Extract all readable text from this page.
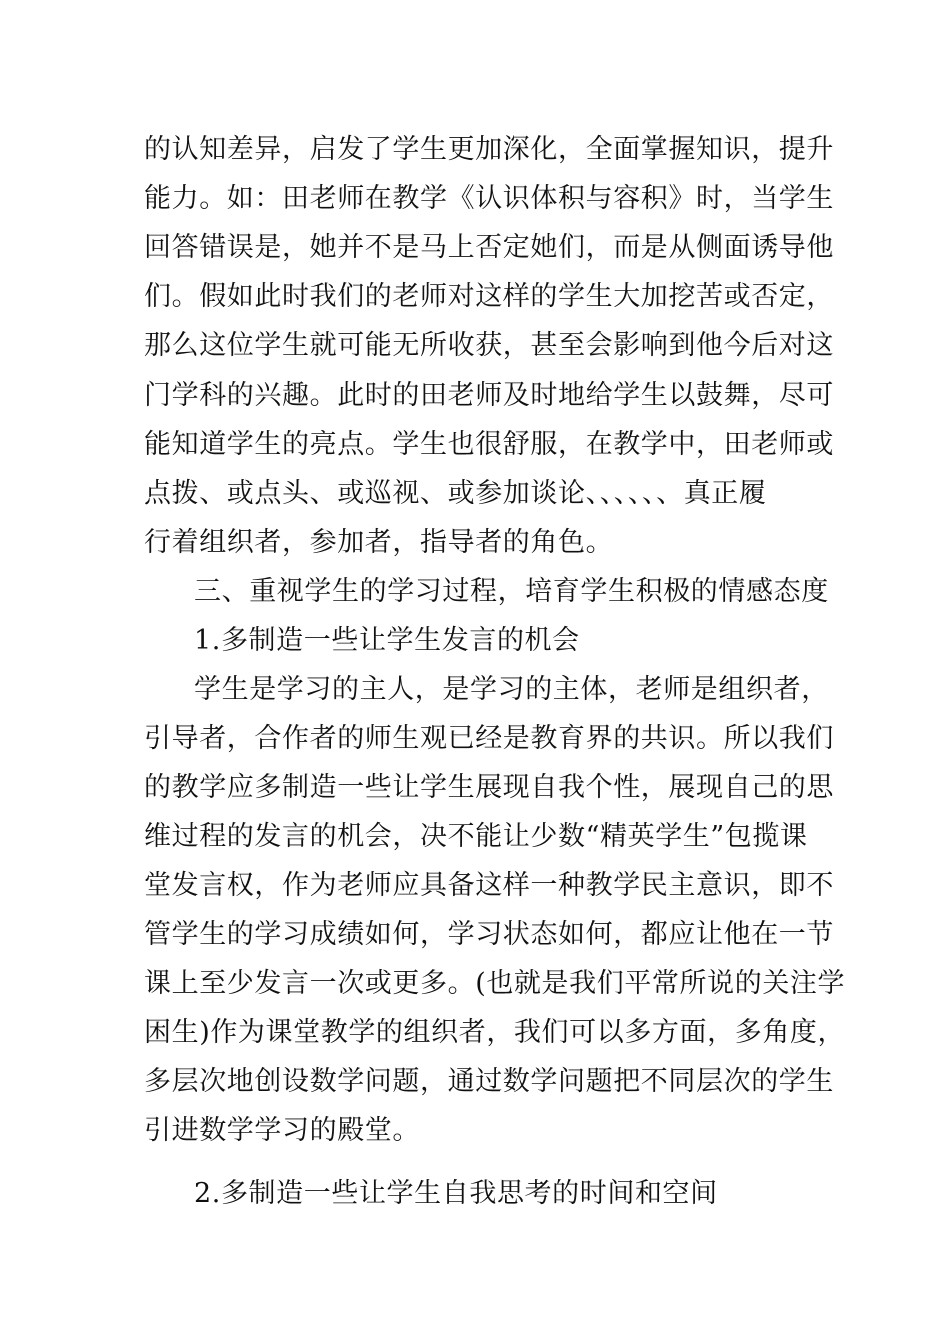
的认知差异，启发了学生更加深化，全面掌握知识，提升
能力。如：田老师在教学《认识体积与容积》时，当学生
回答错误是，她并不是马上否定她们，而是从侧面诱导他
们。假如此时我们的老师对这样的学生大加挖苦或否定，
那么这位学生就可能无所收获，甚至会影响到他今后对这
门学科的兴趣。此时的田老师及时地给学生以鼓舞，尽可
能知道学生的亮点。学生也很舒服，在教学中，田老师或
点拨、或点头、或巡视、或参加谈论、、、、、、真正履
行着组织者，参加者，指导者的角色。
三、重视学生的学习过程，培育学生积极的情感态度
1.多制造一些让学生发言的机会
学生是学习的主人，是学习的主体，老师是组织者，
引导者，合作者的师生观已经是教育界的共识。所以我们
的教学应多制造一些让学生展现自我个性，展现自己的思
维过程的发言的机会，决不能让少数“精英学生”包揽课
堂发言权，作为老师应具备这样一种教学民主意识，即不
管学生的学习成绩如何，学习状态如何，都应让他在一节
课上至少发言一次或更多。(也就是我们平常所说的关注学
困生)作为课堂教学的组织者，我们可以多方面，多角度，
多层次地创设数学问题，通过数学问题把不同层次的学生
引进数学学习的殿堂。
2.多制造一些让学生自我思考的时间和空间
